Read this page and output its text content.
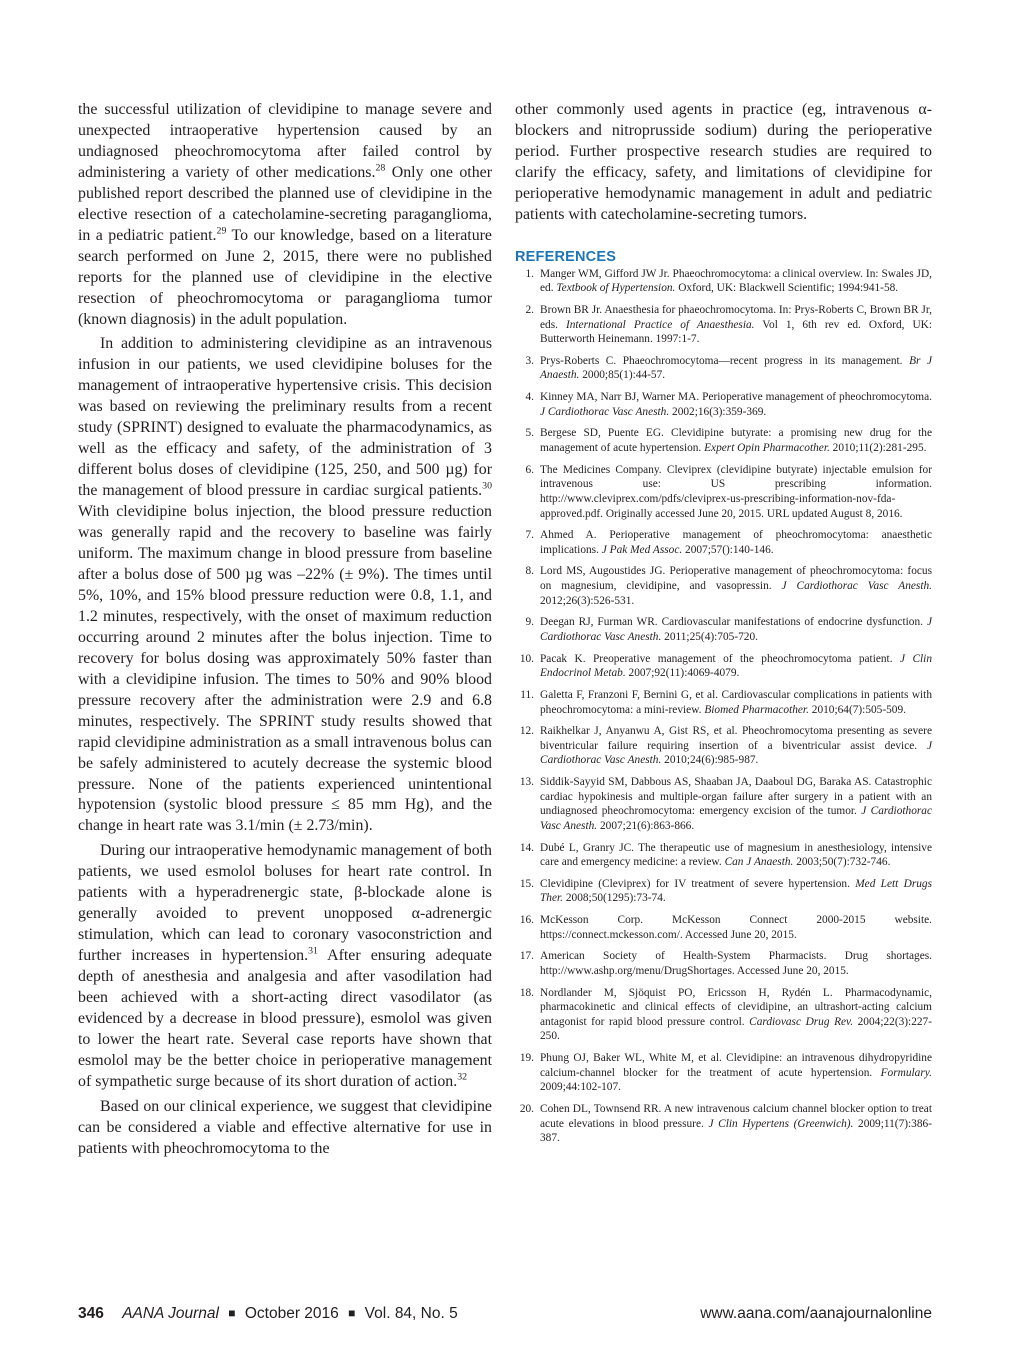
the successful utilization of clevidipine to manage severe and unexpected intraoperative hypertension caused by an undiagnosed pheochromocytoma after failed control by administering a variety of other medications.$^{28}$ Only one other published report described the planned use of clevidipine in the elective resection of a catecholamine-secreting paraganglioma, in a pediatric patient.$^{29}$ To our knowledge, based on a literature search performed on June 2, 2015, there were no published reports for the planned use of clevidipine in the elective resection of pheochromocytoma or paraganglioma tumor (known diagnosis) in the adult population.

In addition to administering clevidipine as an intravenous infusion in our patients, we used clevidipine boluses for the management of intraoperative hypertensive crisis. This decision was based on reviewing the preliminary results from a recent study (SPRINT) designed to evaluate the pharmacodynamics, as well as the efficacy and safety, of the administration of 3 different bolus doses of clevidipine (125, 250, and 500 µg) for the management of blood pressure in cardiac surgical patients.$^{30}$ With clevidipine bolus injection, the blood pressure reduction was generally rapid and the recovery to baseline was fairly uniform. The maximum change in blood pressure from baseline after a bolus dose of 500 µg was –22% (± 9%). The times until 5%, 10%, and 15% blood pressure reduction were 0.8, 1.1, and 1.2 minutes, respectively, with the onset of maximum reduction occurring around 2 minutes after the bolus injection. Time to recovery for bolus dosing was approximately 50% faster than with a clevidipine infusion. The times to 50% and 90% blood pressure recovery after the administration were 2.9 and 6.8 minutes, respectively. The SPRINT study results showed that rapid clevidipine administration as a small intravenous bolus can be safely administered to acutely decrease the systemic blood pressure. None of the patients experienced unintentional hypotension (systolic blood pressure ≤ 85 mm Hg), and the change in heart rate was 3.1/min (± 2.73/min).

During our intraoperative hemodynamic management of both patients, we used esmolol boluses for heart rate control. In patients with a hyperadrenergic state, β-blockade alone is generally avoided to prevent unopposed α-adrenergic stimulation, which can lead to coronary vasoconstriction and further increases in hypertension.$^{31}$ After ensuring adequate depth of anesthesia and analgesia and after vasodilation had been achieved with a short-acting direct vasodilator (as evidenced by a decrease in blood pressure), esmolol was given to lower the heart rate. Several case reports have shown that esmolol may be the better choice in perioperative management of sympathetic surge because of its short duration of action.$^{32}$

Based on our clinical experience, we suggest that clevidipine can be considered a viable and effective alternative for use in patients with pheochromocytoma to the

other commonly used agents in practice (eg, intravenous α-blockers and nitroprusside sodium) during the perioperative period. Further prospective research studies are required to clarify the efficacy, safety, and limitations of clevidipine for perioperative hemodynamic management in adult and pediatric patients with catecholamine-secreting tumors.

REFERENCES
1. Manger WM, Gifford JW Jr. Phaeochromocytoma: a clinical overview. In: Swales JD, ed. Textbook of Hypertension. Oxford, UK: Blackwell Scientific; 1994:941-58.
2. Brown BR Jr. Anaesthesia for phaeochromocytoma. In: Prys-Roberts C, Brown BR Jr, eds. International Practice of Anaesthesia. Vol 1, 6th rev ed. Oxford, UK: Butterworth Heinemann. 1997:1-7.
3. Prys-Roberts C. Phaeochromocytoma—recent progress in its management. Br J Anaesth. 2000;85(1):44-57.
4. Kinney MA, Narr BJ, Warner MA. Perioperative management of pheochromocytoma. J Cardiothorac Vasc Anesth. 2002;16(3):359-369.
5. Bergese SD, Puente EG. Clevidipine butyrate: a promising new drug for the management of acute hypertension. Expert Opin Pharmacother. 2010;11(2):281-295.
6. The Medicines Company. Cleviprex (clevidipine butyrate) injectable emulsion for intravenous use: US prescribing information. http://www.cleviprex.com/pdfs/cleviprex-us-prescribing-information-nov-fda-approved.pdf. Originally accessed June 20, 2015. URL updated August 8, 2016.
7. Ahmed A. Perioperative management of pheochromocytoma: anaesthetic implications. J Pak Med Assoc. 2007;57():140-146.
8. Lord MS, Augoustides JG. Perioperative management of pheochromocytoma: focus on magnesium, clevidipine, and vasopressin. J Cardiothorac Vasc Anesth. 2012;26(3):526-531.
9. Deegan RJ, Furman WR. Cardiovascular manifestations of endocrine dysfunction. J Cardiothorac Vasc Anesth. 2011;25(4):705-720.
10. Pacak K. Preoperative management of the pheochromocytoma patient. J Clin Endocrinol Metab. 2007;92(11):4069-4079.
11. Galetta F, Franzoni F, Bernini G, et al. Cardiovascular complications in patients with pheochromocytoma: a mini-review. Biomed Pharmacother. 2010;64(7):505-509.
12. Raikhelkar J, Anyanwu A, Gist RS, et al. Pheochromocytoma presenting as severe biventricular failure requiring insertion of a biventricular assist device. J Cardiothorac Vasc Anesth. 2010;24(6):985-987.
13. Siddik-Sayyid SM, Dabbous AS, Shaaban JA, Daaboul DG, Baraka AS. Catastrophic cardiac hypokinesis and multiple-organ failure after surgery in a patient with an undiagnosed pheochromocytoma: emergency excision of the tumor. J Cardiothorac Vasc Anesth. 2007;21(6):863-866.
14. Dubé L, Granry JC. The therapeutic use of magnesium in anesthesiology, intensive care and emergency medicine: a review. Can J Anaesth. 2003;50(7):732-746.
15. Clevidipine (Cleviprex) for IV treatment of severe hypertension. Med Lett Drugs Ther. 2008;50(1295):73-74.
16. McKesson Corp. McKesson Connect 2000-2015 website. https://connect.mckesson.com/. Accessed June 20, 2015.
17. American Society of Health-System Pharmacists. Drug shortages. http://www.ashp.org/menu/DrugShortages. Accessed June 20, 2015.
18. Nordlander M, Sjöquist PO, Ericsson H, Rydén L. Pharmacodynamic, pharmacokinetic and clinical effects of clevidipine, an ultrashort-acting calcium antagonist for rapid blood pressure control. Cardiovasc Drug Rev. 2004;22(3):227-250.
19. Phung OJ, Baker WL, White M, et al. Clevidipine: an intravenous dihydropyridine calcium-channel blocker for the treatment of acute hypertension. Formulary. 2009;44:102-107.
20. Cohen DL, Townsend RR. A new intravenous calcium channel blocker option to treat acute elevations in blood pressure. J Clin Hypertens (Greenwich). 2009;11(7):386-387.
346 AANA Journal ■ October 2016 ■ Vol. 84, No. 5	www.aana.com/aanajournalonline
